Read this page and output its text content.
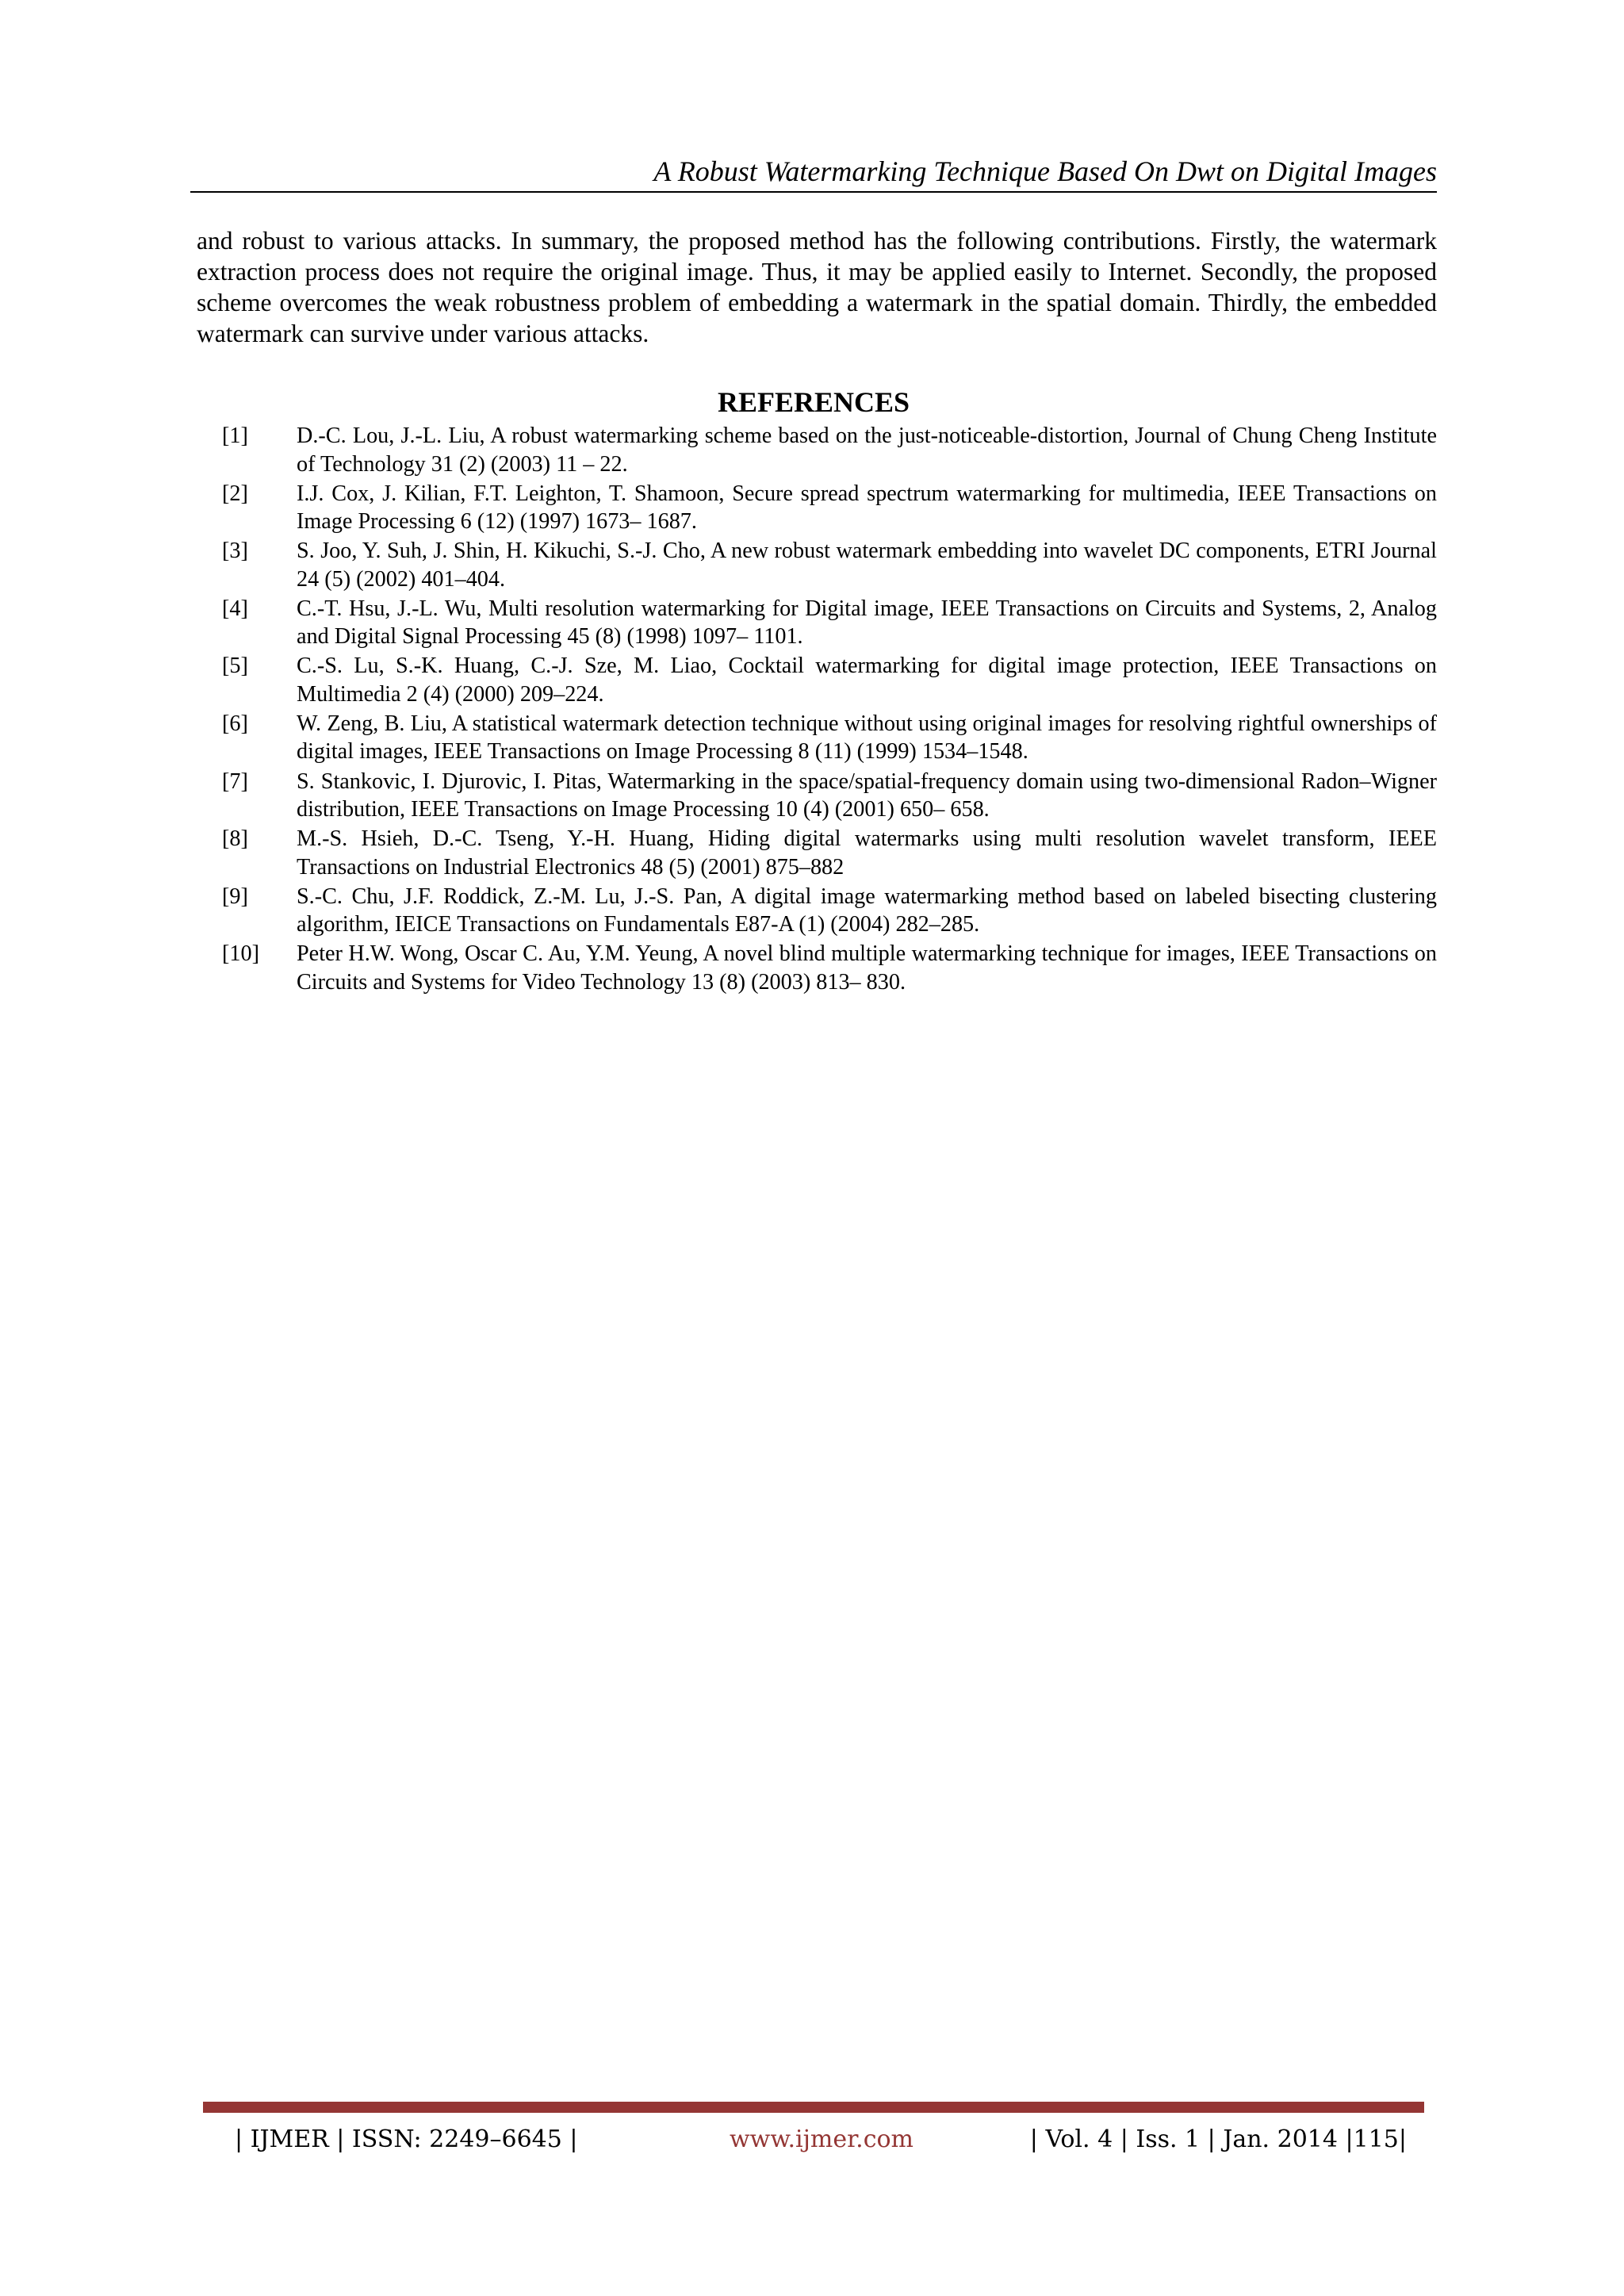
A Robust Watermarking Technique Based On Dwt on Digital Images

and robust to various attacks. In summary, the proposed method has the following contributions. Firstly, the watermark extraction process does not require the original image. Thus, it may be applied easily to Internet. Secondly, the proposed scheme overcomes the weak robustness problem of embedding a watermark in the spatial domain. Thirdly, the embedded watermark can survive under various attacks.

REFERENCES
[1]	D.-C. Lou, J.-L. Liu, A robust watermarking scheme based on the just-noticeable-distortion, Journal of Chung Cheng Institute of Technology 31 (2) (2003) 11 – 22.
[2]	I.J. Cox, J. Kilian, F.T. Leighton, T. Shamoon, Secure spread spectrum watermarking for multimedia, IEEE Transactions on Image Processing 6 (12) (1997) 1673– 1687.
[3]	S. Joo, Y. Suh, J. Shin, H. Kikuchi, S.-J. Cho, A new robust watermark embedding into wavelet DC components, ETRI Journal 24 (5) (2002) 401–404.
[4]	C.-T. Hsu, J.-L. Wu, Multi resolution watermarking for Digital image, IEEE Transactions on Circuits and Systems, 2, Analog and Digital Signal Processing 45 (8) (1998) 1097– 1101.
[5]	C.-S. Lu, S.-K. Huang, C.-J. Sze, M. Liao, Cocktail watermarking for digital image protection, IEEE Transactions on Multimedia 2 (4) (2000) 209–224.
[6]	W. Zeng, B. Liu, A statistical watermark detection technique without using original images for resolving rightful ownerships of digital images, IEEE Transactions on Image Processing 8 (11) (1999) 1534–1548.
[7]	S. Stankovic, I. Djurovic, I. Pitas, Watermarking in the space/spatial-frequency domain using two-dimensional Radon–Wigner distribution, IEEE Transactions on Image Processing 10 (4) (2001) 650– 658.
[8]	M.-S. Hsieh, D.-C. Tseng, Y.-H. Huang, Hiding digital watermarks using multi resolution wavelet transform, IEEE Transactions on Industrial Electronics 48 (5) (2001) 875–882
[9]	S.-C. Chu, J.F. Roddick, Z.-M. Lu, J.-S. Pan, A digital image watermarking method based on labeled bisecting clustering algorithm, IEICE Transactions on Fundamentals E87-A (1) (2004) 282–285.
[10]	Peter H.W. Wong, Oscar C. Au, Y.M. Yeung, A novel blind multiple watermarking technique for images, IEEE Transactions on Circuits and Systems for Video Technology 13 (8) (2003) 813– 830.
| IJMER | ISSN: 2249–6645 |	www.ijmer.com	| Vol. 4 | Iss. 1 | Jan. 2014 |115|
